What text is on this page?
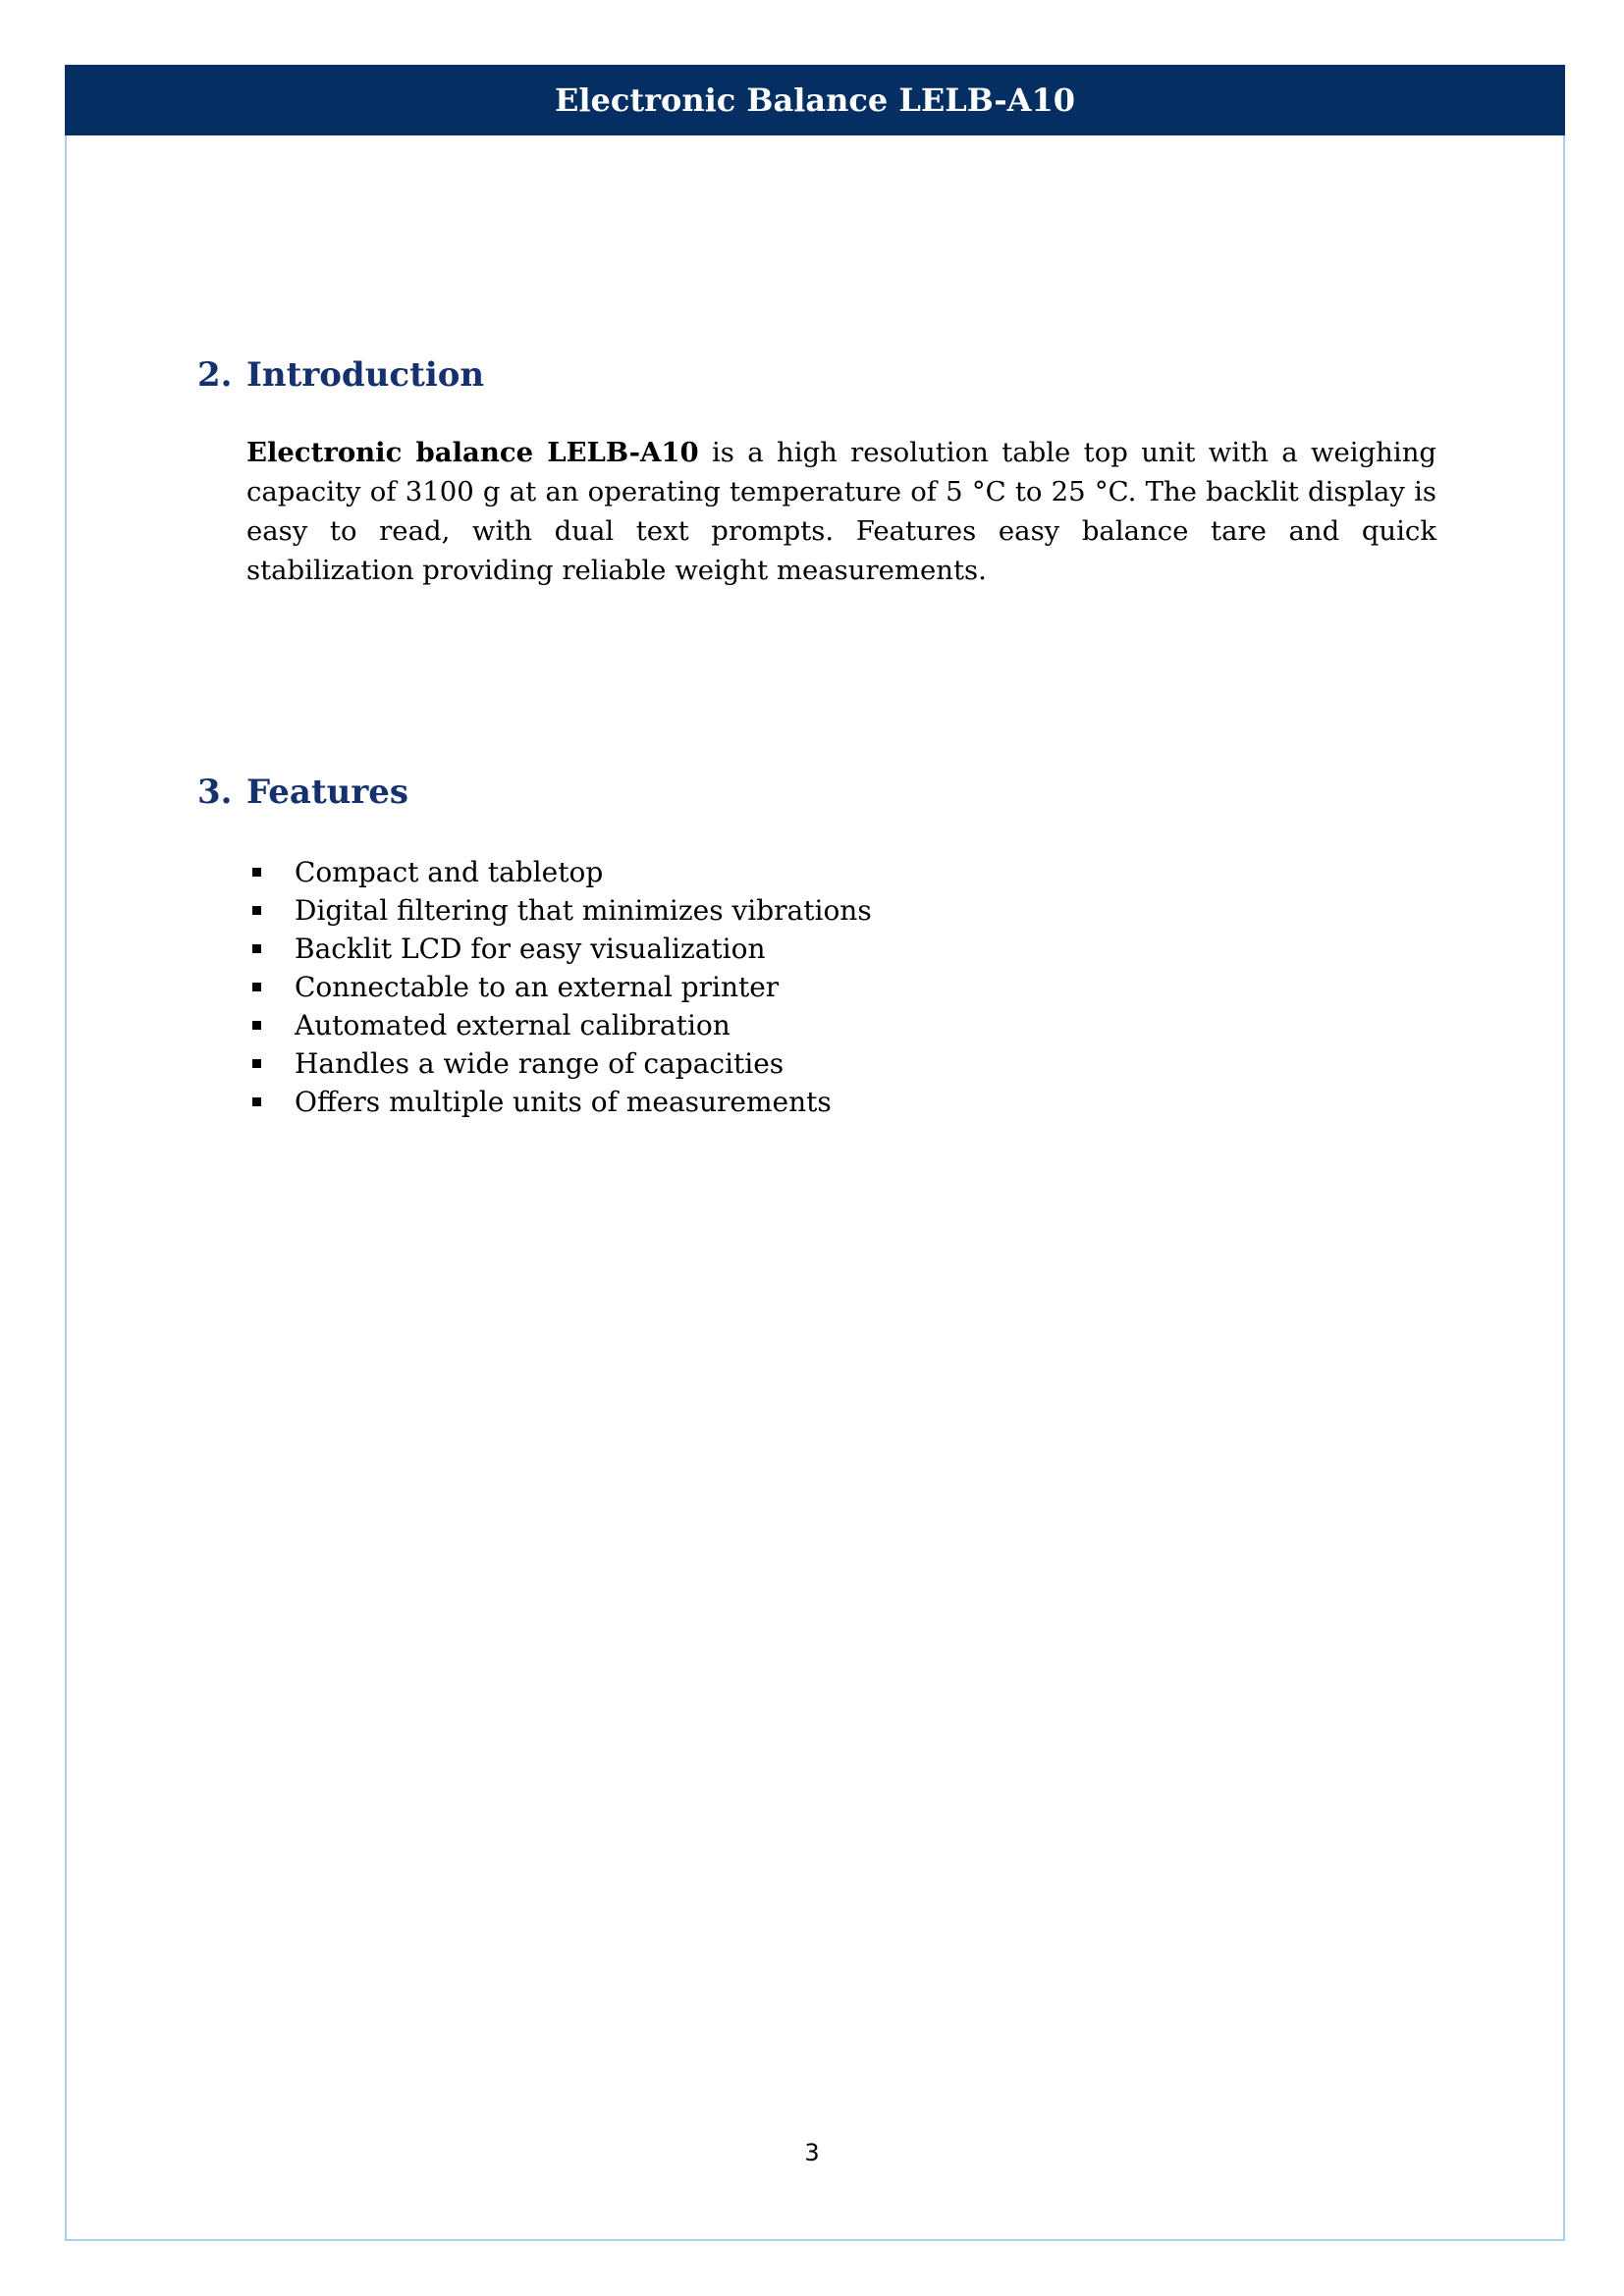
Electronic Balance LELB-A10
2. Introduction

Electronic balance LELB-A10 is a high resolution table top unit with a weighing capacity of 3100 g at an operating temperature of 5 °C to 25 °C. The backlit display is easy to read, with dual text prompts. Features easy balance tare and quick stabilization providing reliable weight measurements.

3. Features
Compact and tabletop
Digital filtering that minimizes vibrations
Backlit LCD for easy visualization
Connectable to an external printer
Automated external calibration
Handles a wide range of capacities
Offers multiple units of measurements
3
